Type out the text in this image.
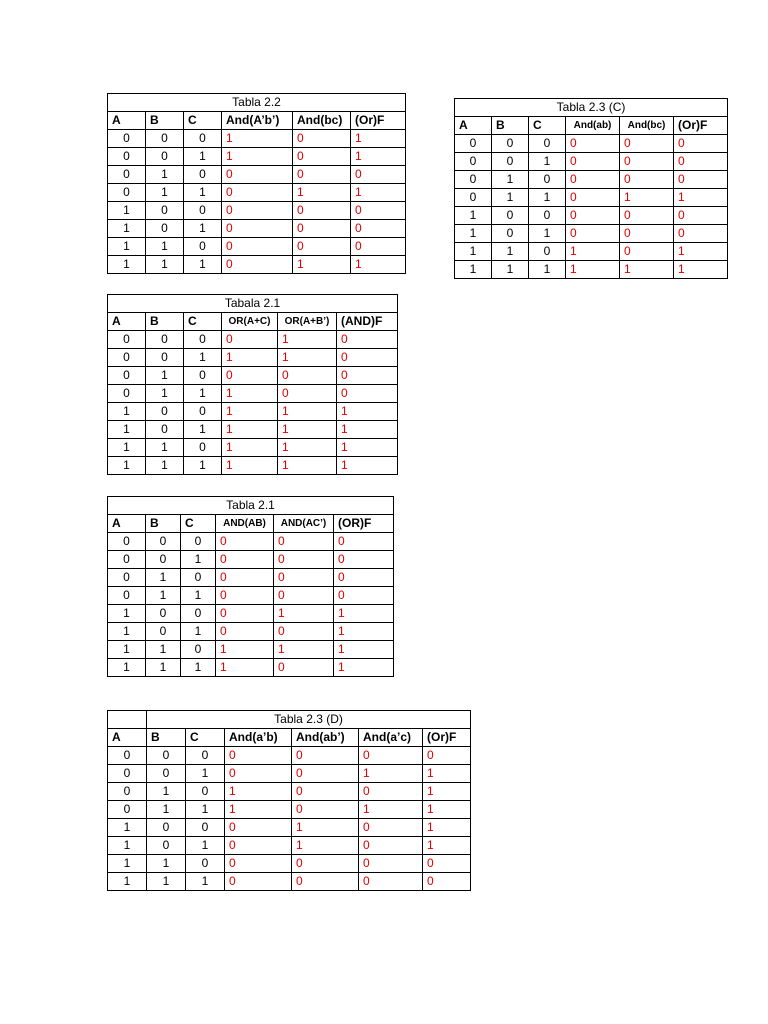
Tabla 2.2					
A	B	C	And(A’b’)	And(bc)	(Or)F
0	0	0	1	0	1
0	0	1	1	0	1
0	1	0	0	0	0
0	1	1	0	1	1
1	0	0	0	0	0
1	0	1	0	0	0
1	1	0	0	0	0
1	1	1	0	1	1
Tabla 2.3 (C)					
A	B	C	And(ab)	And(bc)	(Or)F
0	0	0	0	0	0
0	0	1	0	0	0
0	1	0	0	0	0
0	1	1	0	1	1
1	0	0	0	0	0
1	0	1	0	0	0
1	1	0	1	0	1
1	1	1	1	1	1
Tabala 2.1					
A	B	C	OR(A+C)	OR(A+B’)	(AND)F
0	0	0	0	1	0
0	0	1	1	1	0
0	1	0	0	0	0
0	1	1	1	0	0
1	0	0	1	1	1
1	0	1	1	1	1
1	1	0	1	1	1
1	1	1	1	1	1
Tabla 2.1					
A	B	C	AND(AB)	AND(AC’)	(OR)F
0	0	0	0	0	0
0	0	1	0	0	0
0	1	0	0	0	0
0	1	1	0	0	0
1	0	0	0	1	1
1	0	1	0	0	1
1	1	0	1	1	1
1	1	1	1	0	1
	Tabla 2.3 (D)					
A	B	C	And(a’b)	And(ab’)	And(a’c)	(Or)F
0	0	0	0	0	0	0
0	0	1	0	0	1	1
0	1	0	1	0	0	1
0	1	1	1	0	1	1
1	0	0	0	1	0	1
1	0	1	0	1	0	1
1	1	0	0	0	0	0
1	1	1	0	0	0	0
